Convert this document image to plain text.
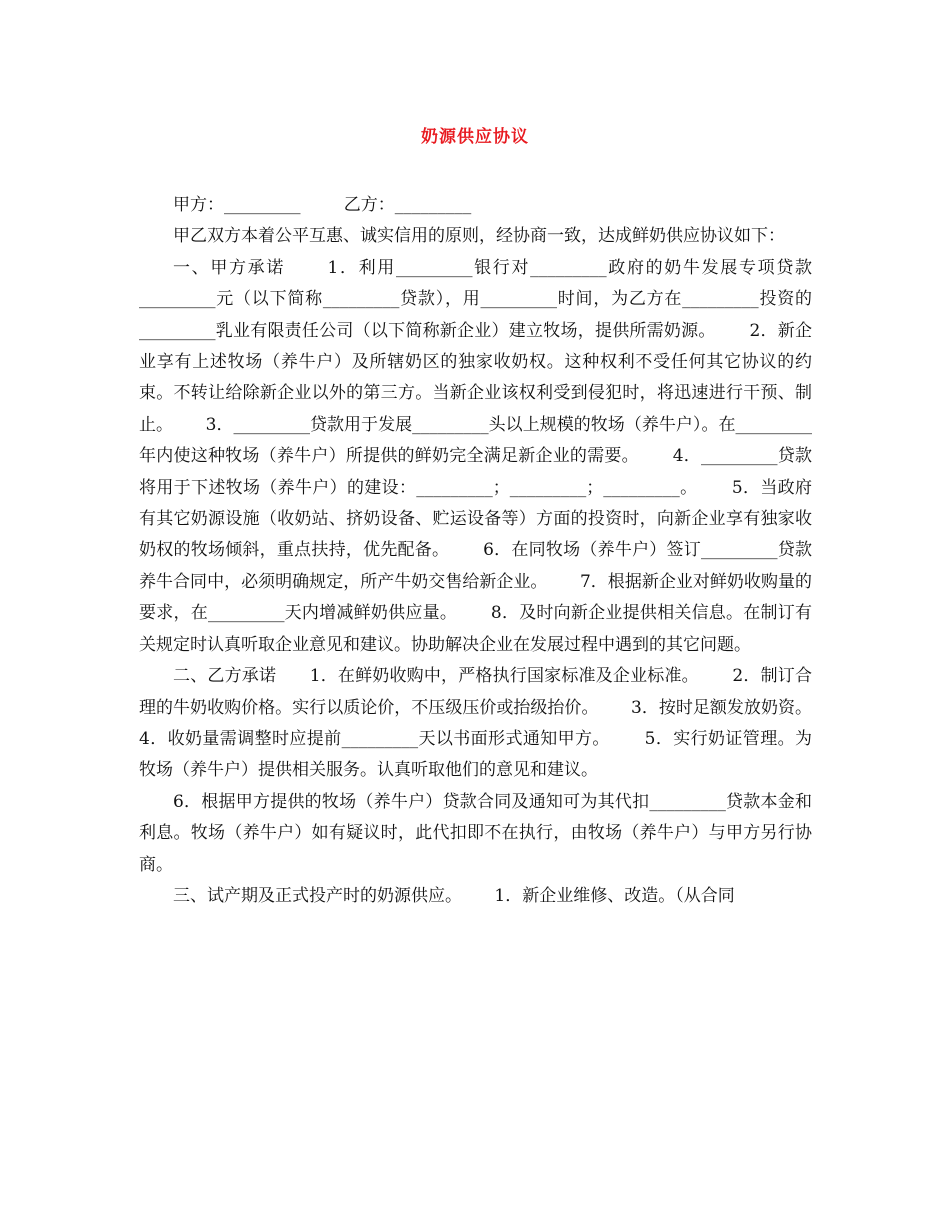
奶源供应协议

甲方：_________        乙方：_________

甲乙双方本着公平互惠、诚实信用的原则，经协商一致，达成鲜奶供应协议如下：

一、甲方承诺      1．利用_________银行对_________政府的奶牛发展专项贷款_________元（以下简称_________贷款），用_________时间，为乙方在_________投资的_________乳业有限责任公司（以下简称新企业）建立牧场，提供所需奶源。      2．新企业享有上述牧场（养牛户）及所辖奶区的独家收奶权。这种权利不受任何其它协议的约束。不转让给除新企业以外的第三方。当新企业该权利受到侵犯时，将迅速进行干预、制止。      3．_________贷款用于发展_________头以上规模的牧场（养牛户）。在_________年内使这种牧场（养牛户）所提供的鲜奶完全满足新企业的需要。      4．_________贷款将用于下述牧场（养牛户）的建设：_________；_________；_________。      5．当政府有其它奶源设施（收奶站、挤奶设备、贮运设备等）方面的投资时，向新企业享有独家收奶权的牧场倾斜，重点扶持，优先配备。      6．在同牧场（养牛户）签订_________贷款养牛合同中，必须明确规定，所产牛奶交售给新企业。      7．根据新企业对鲜奶收购量的要求，在_________天内增减鲜奶供应量。      8．及时向新企业提供相关信息。在制订有关规定时认真听取企业意见和建议。协助解决企业在发展过程中遇到的其它问题。

二、乙方承诺      1．在鲜奶收购中，严格执行国家标准及企业标准。      2．制订合理的牛奶收购价格。实行以质论价，不压级压价或抬级抬价。      3．按时足额发放奶资。      4．收奶量需调整时应提前_________天以书面形式通知甲方。      5．实行奶证管理。为牧场（养牛户）提供相关服务。认真听取他们的意见和建议。

6．根据甲方提供的牧场（养牛户）贷款合同及通知可为其代扣_________贷款本金和利息。牧场（养牛户）如有疑议时，此代扣即不在执行，由牧场（养牛户）与甲方另行协商。

三、试产期及正式投产时的奶源供应。      1．新企业维修、改造。（从合同
